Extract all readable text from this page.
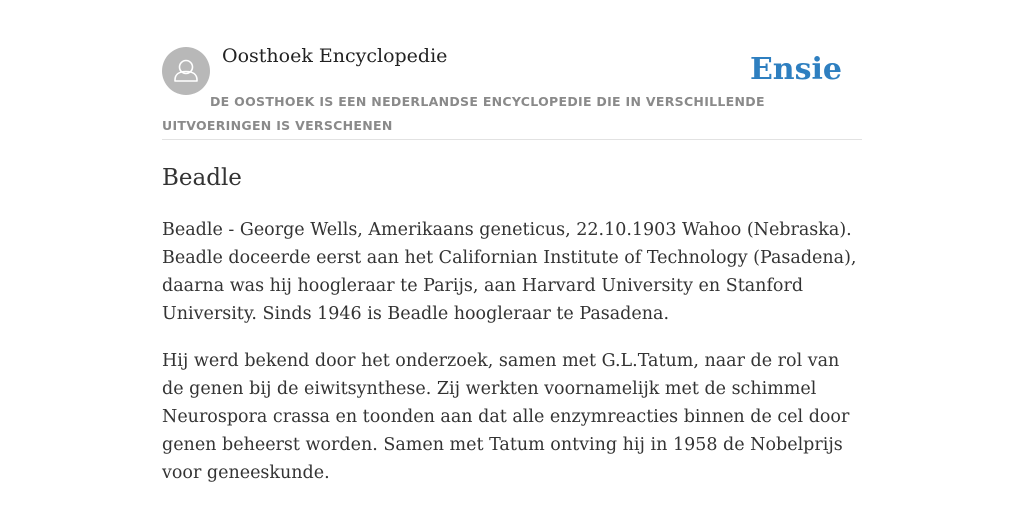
Oosthoek Encyclopedie	Ensie

DE OOSTHOEK IS EEN NEDERLANDSE ENCYCLOPEDIE DIE IN VERSCHILLENDE UITVOERINGEN IS VERSCHENEN

Beadle

Beadle - George Wells, Amerikaans geneticus, 22.10.1903 Wahoo (Nebraska). Beadle doceerde eerst aan het Californian Institute of Technology (Pasadena), daarna was hij hoogleraar te Parijs, aan Harvard University en Stanford University. Sinds 1946 is Beadle hoogleraar te Pasadena.

Hij werd bekend door het onderzoek, samen met G.L.Tatum, naar de rol van de genen bij de eiwitsynthese. Zij werkten voornamelijk met de schimmel Neurospora crassa en toonden aan dat alle enzymreacties binnen de cel door genen beheerst worden. Samen met Tatum ontving hij in 1958 de Nobelprijs voor geneeskunde.
